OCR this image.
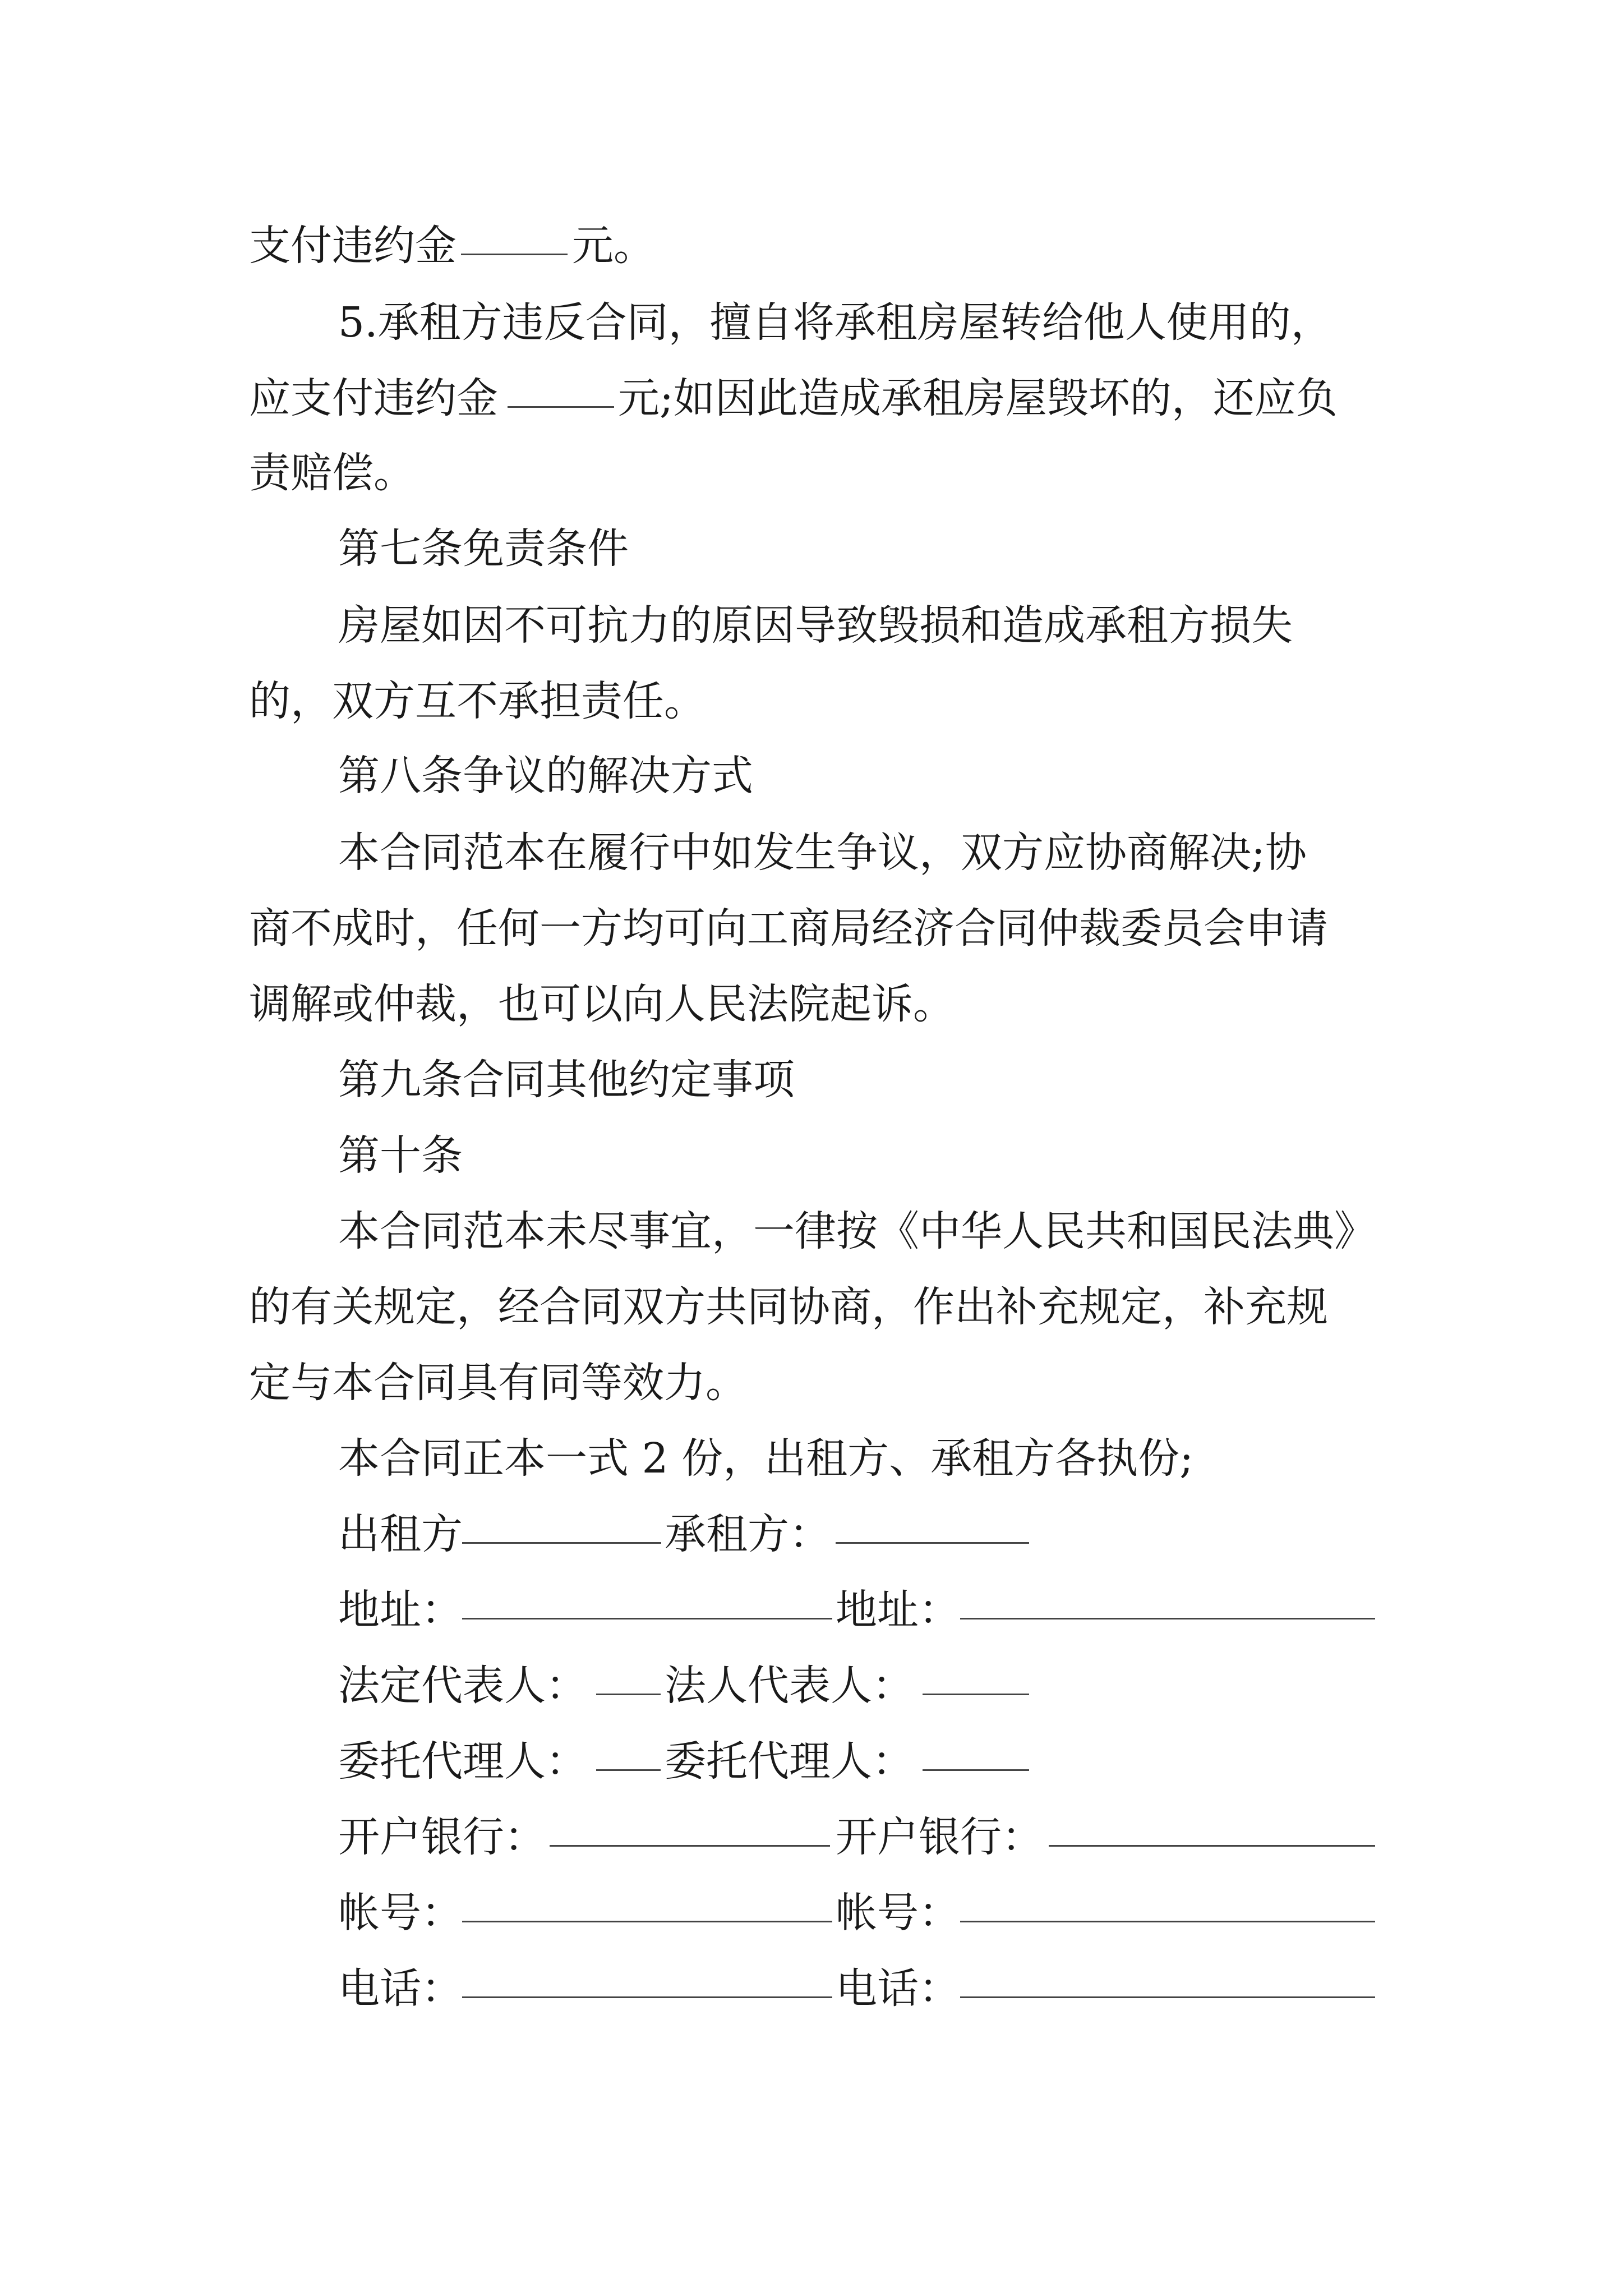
支付违约金	元。
5.承租方违反合同，擅自将承租房屋转给他人使用的，
应支付违约金	元;如因此造成承租房屋毁坏的，还应负
责赔偿。
第七条免责条件
房屋如因不可抗力的原因导致毁损和造成承租方损失
的，双方互不承担责任。
第八条争议的解决方式
本合同范本在履行中如发生争议，双方应协商解决;协
商不成时，任何一方均可向工商局经济合同仲裁委员会申请
调解或仲裁，也可以向人民法院起诉。
第九条合同其他约定事项
第十条
本合同范本未尽事宜，一律按《中华人民共和国民法典》
的有关规定，经合同双方共同协商，作出补充规定，补充规
定与本合同具有同等效力。
本合同正本一式 2 份，出租方、承租方各执份;
出租方	承租方：
地址：	地址：
法定代表人： 法人代表人：
委托代理人： 委托代理人：
开户银行：	开户银行：
帐号：	帐号：
电话：	电话：
